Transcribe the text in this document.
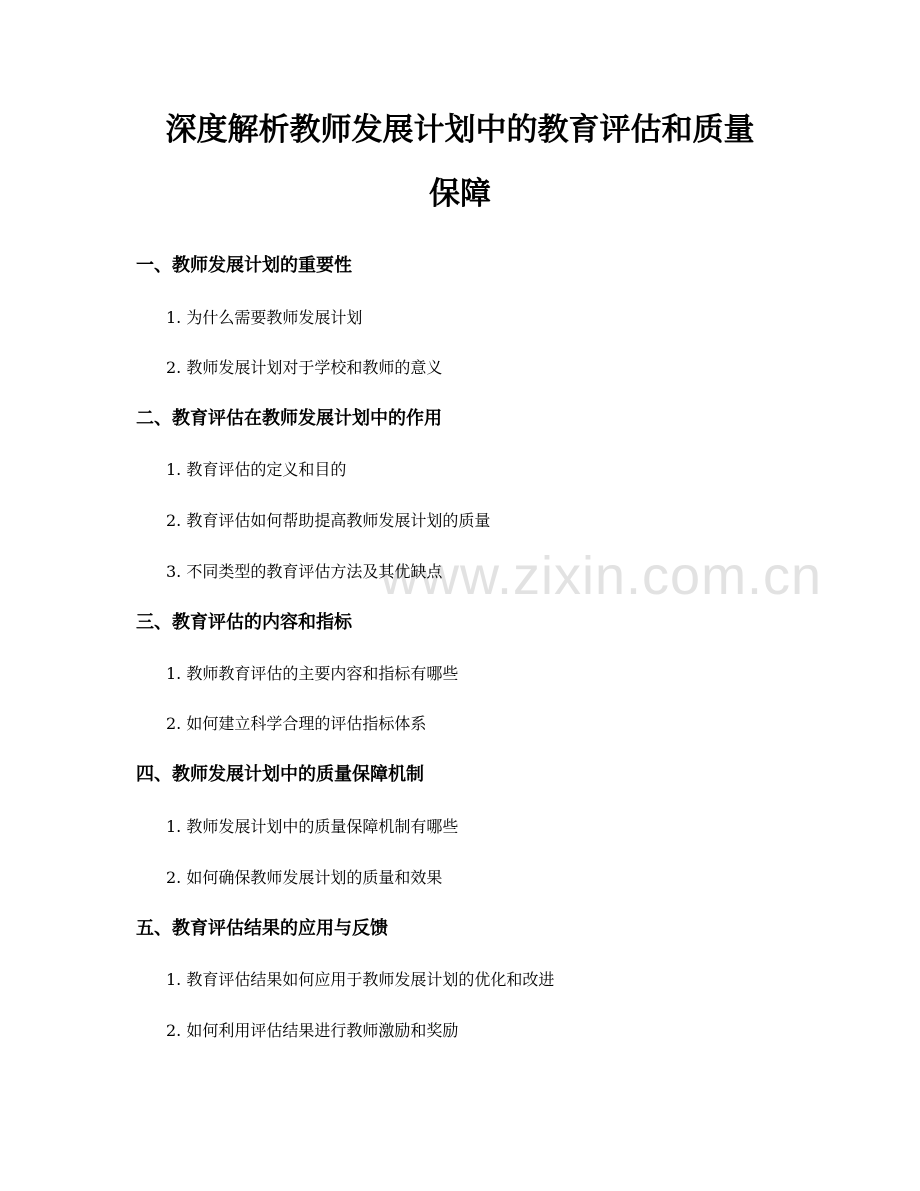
www.zixin.com.cn
深度解析教师发展计划中的教育评估和质量
保障
一、教师发展计划的重要性

1. 为什么需要教师发展计划

2. 教师发展计划对于学校和教师的意义

二、教育评估在教师发展计划中的作用

1. 教育评估的定义和目的

2. 教育评估如何帮助提高教师发展计划的质量

3. 不同类型的教育评估方法及其优缺点

三、教育评估的内容和指标

1. 教师教育评估的主要内容和指标有哪些

2. 如何建立科学合理的评估指标体系

四、教师发展计划中的质量保障机制

1. 教师发展计划中的质量保障机制有哪些

2. 如何确保教师发展计划的质量和效果

五、教育评估结果的应用与反馈

1. 教育评估结果如何应用于教师发展计划的优化和改进

2. 如何利用评估结果进行教师激励和奖励
